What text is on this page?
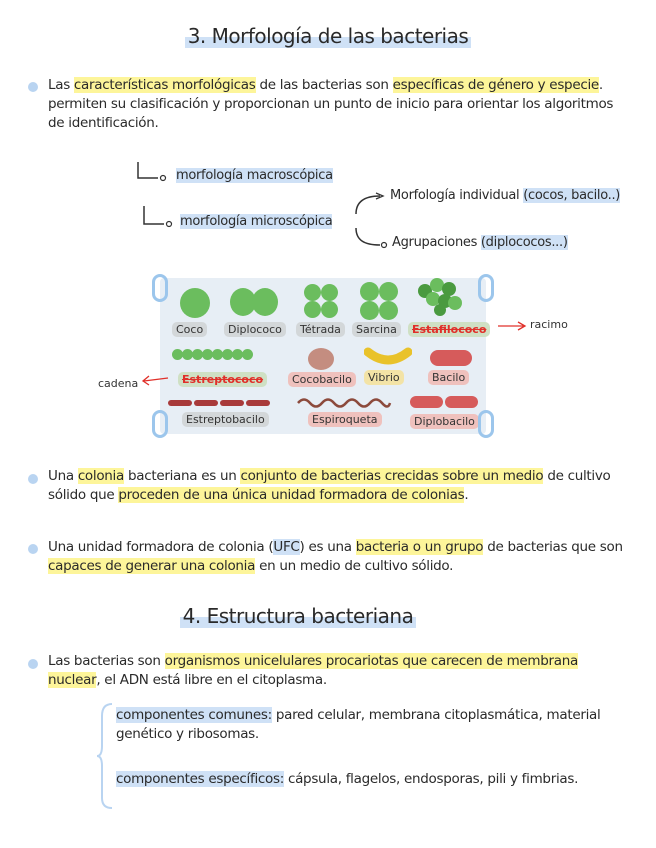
3. Morfología de las bacterias
Las características morfológicas de las bacterias son específicas de género y especie. permiten su clasificación y proporcionan un punto de inicio para orientar los algoritmos de identificación.
morfología macroscópica
morfología microscópica
Morfología individual (cocos, bacilo..)
Agrupaciones (diplococos...)
Coco	Diplococo	Tétrada	Sarcina	Estafilococo
Estreptococo	Cocobacilo	Vibrio	Bacilo
Estreptobacilo	Espiroqueta	Diplobacilo
racimo
cadena
Una colonia bacteriana es un conjunto de bacterias crecidas sobre un medio de cultivo sólido que proceden de una única unidad formadora de colonias.
Una unidad formadora de colonia (UFC) es una bacteria o un grupo de bacterias que son capaces de generar una colonia en un medio de cultivo sólido.
4. Estructura bacteriana
Las bacterias son organismos unicelulares procariotas que carecen de membrana nuclear, el ADN está libre en el citoplasma.
componentes comunes: pared celular, membrana citoplasmática, material genético y ribosomas.
componentes específicos: cápsula, flagelos, endosporas, pili y fimbrias.
